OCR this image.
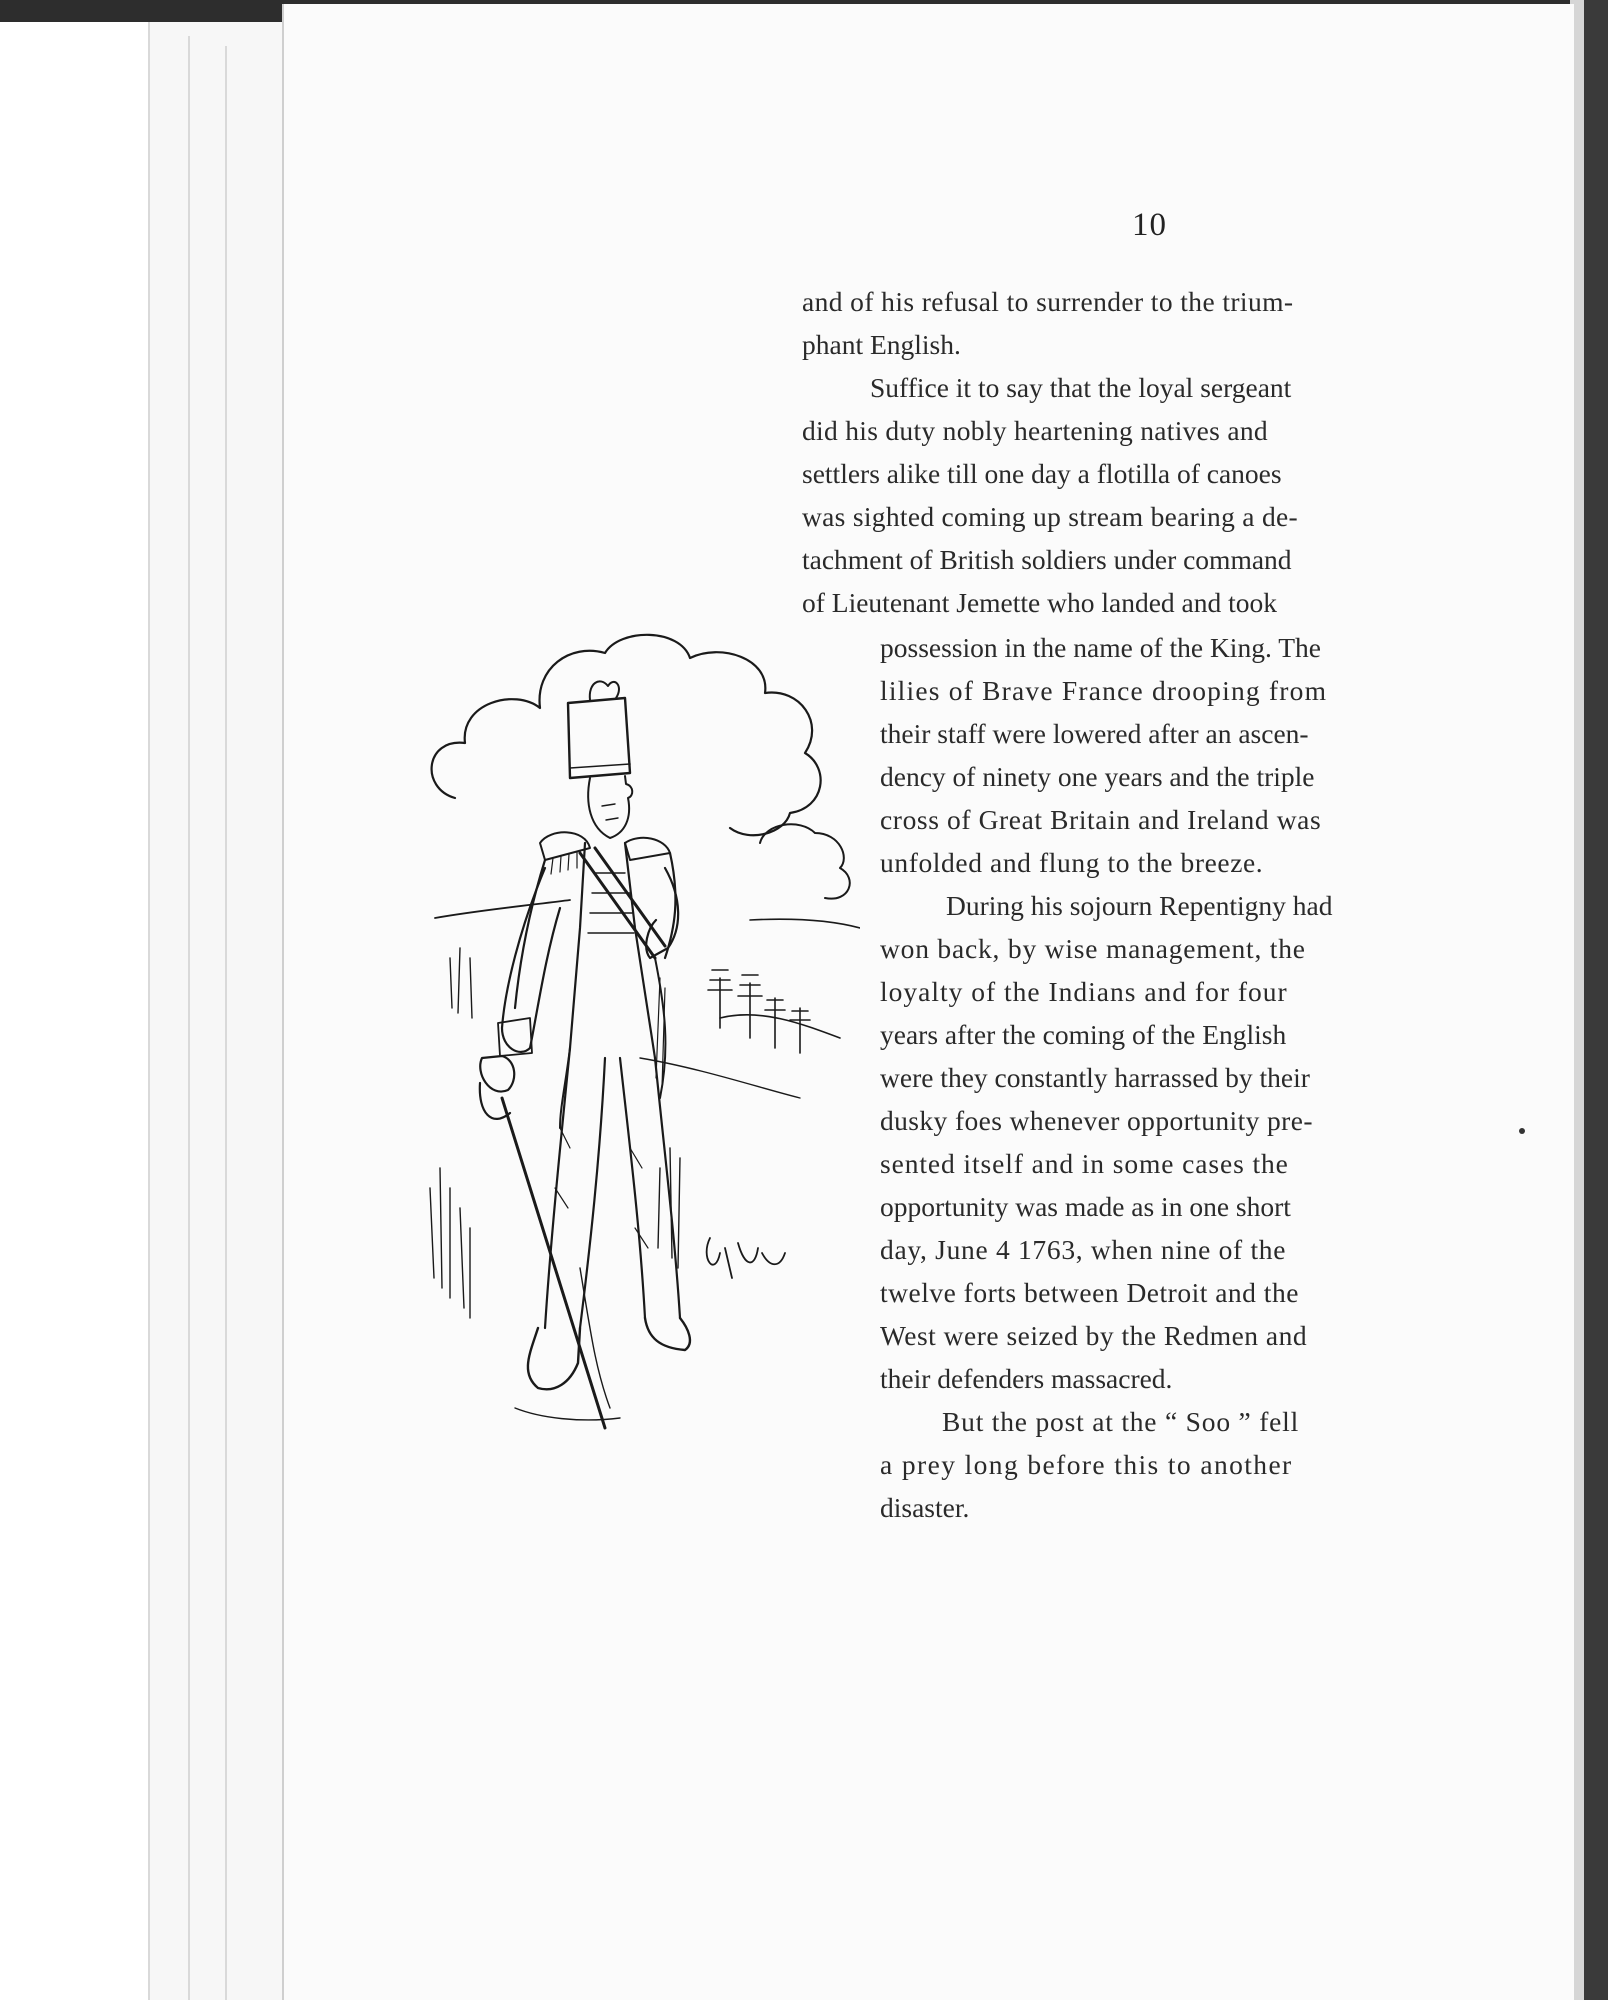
10

and of his refusal to surrender to the trium-

phant English.

Suffice it to say that the loyal sergeant

did his duty nobly heartening natives and

settlers alike till one day a flotilla of canoes

was sighted coming up stream bearing a de-

tachment of British soldiers under command

of Lieutenant Jemette who landed and took

possession in the name of the King. The

lilies of Brave France drooping from

their staff were lowered after an ascen-

dency of ninety one years and the triple

cross of Great Britain and Ireland was

unfolded and flung to the breeze.

During his sojourn Repentigny had

won back, by wise management, the

loyalty of the Indians and for four

years after the coming of the English

were they constantly harrassed by their

dusky foes whenever opportunity pre-

sented itself and in some cases the

opportunity was made as in one short

day, June 4 1763, when nine of the

twelve forts between Detroit and the

West were seized by the Redmen and

their defenders massacred.

But the post at the “ Soo ” fell

a prey long before this to another

disaster.
